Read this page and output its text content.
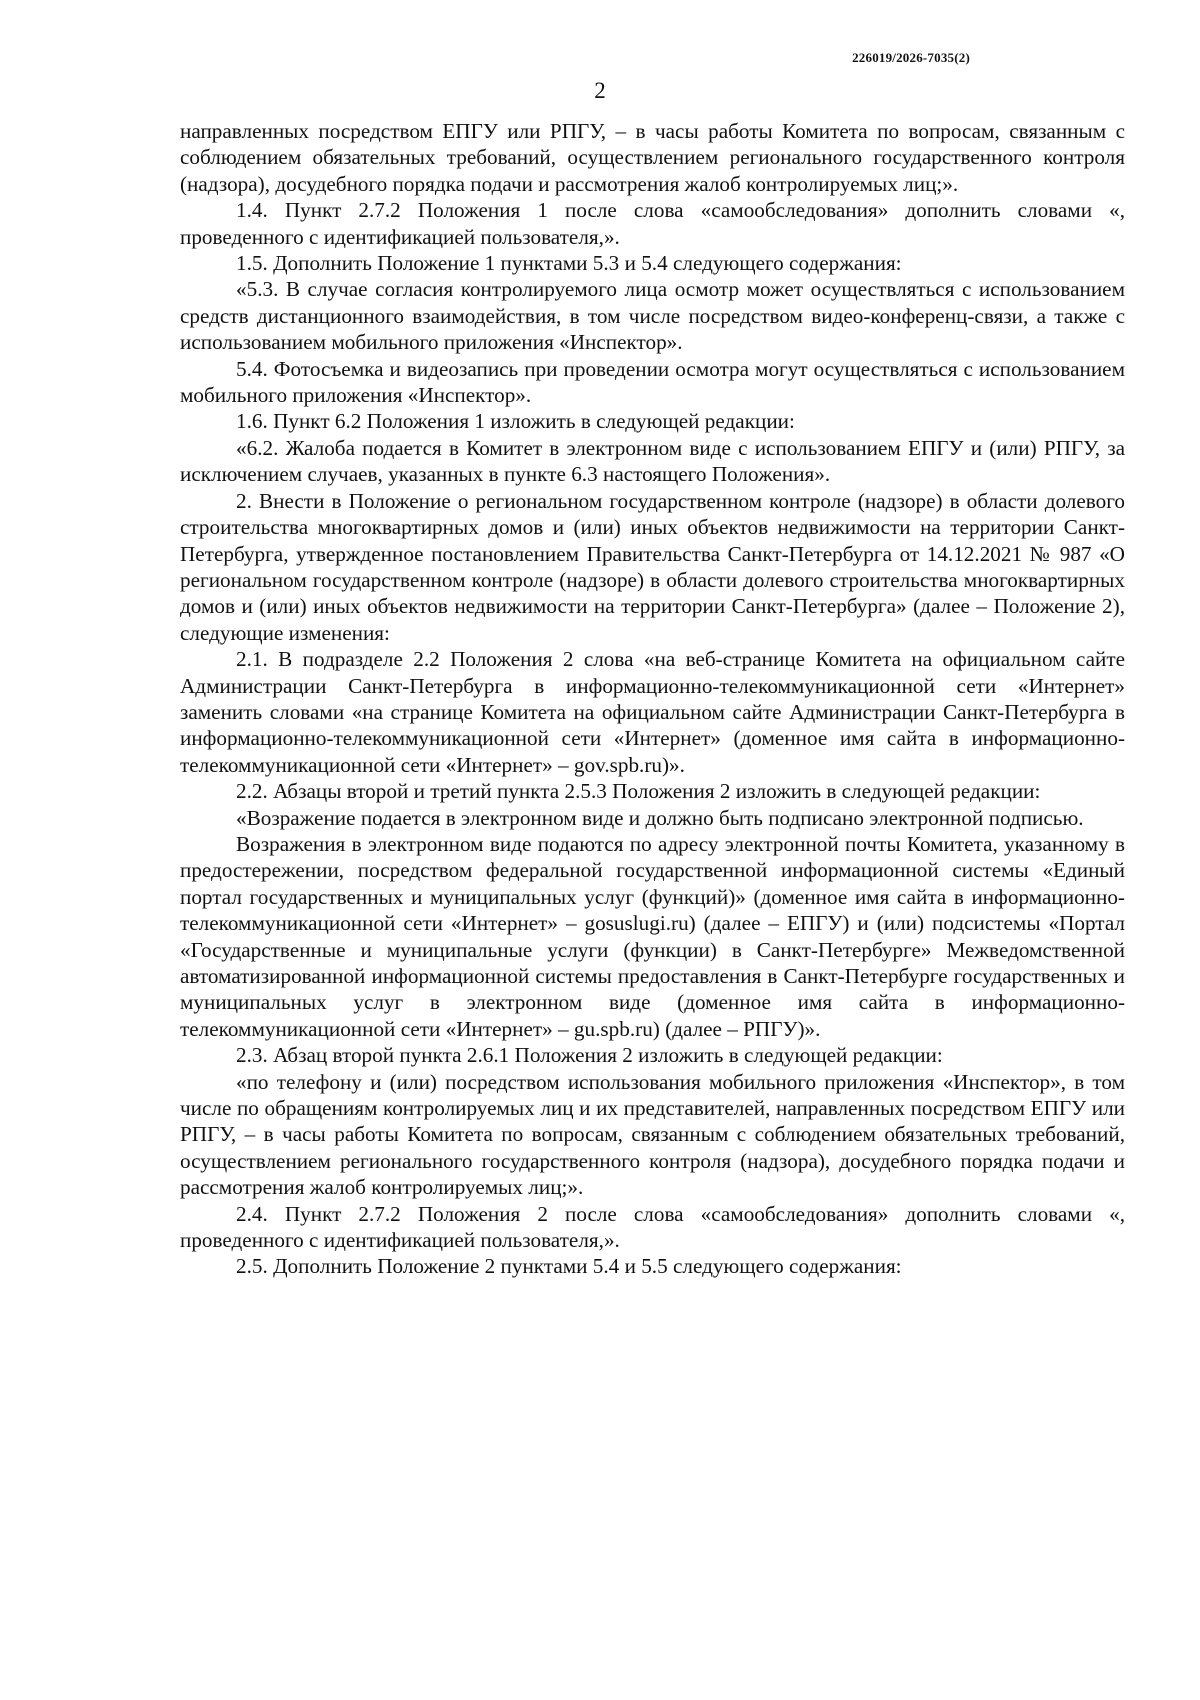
226019/2026-7035(2)
2

направленных посредством ЕПГУ или РПГУ, – в часы работы Комитета по вопросам, связанным с соблюдением обязательных требований, осуществлением регионального государственного контроля (надзора), досудебного порядка подачи и рассмотрения жалоб контролируемых лиц;».

1.4. Пункт 2.7.2 Положения 1 после слова «самообследования» дополнить словами «, проведенного с идентификацией пользователя,».

1.5. Дополнить Положение 1 пунктами 5.3 и 5.4 следующего содержания:

«5.3. В случае согласия контролируемого лица осмотр может осуществляться с использованием средств дистанционного взаимодействия, в том числе посредством видео-конференц-связи, а также с использованием мобильного приложения «Инспектор».

5.4. Фотосъемка и видеозапись при проведении осмотра могут осуществляться с использованием мобильного приложения «Инспектор».

1.6. Пункт 6.2 Положения 1 изложить в следующей редакции:

«6.2. Жалоба подается в Комитет в электронном виде с использованием ЕПГУ и (или) РПГУ, за исключением случаев, указанных в пункте 6.3 настоящего Положения».

2. Внести в Положение о региональном государственном контроле (надзоре) в области долевого строительства многоквартирных домов и (или) иных объектов недвижимости на территории Санкт-Петербурга, утвержденное постановлением Правительства Санкт-Петербурга от 14.12.2021 № 987 «О региональном государственном контроле (надзоре) в области долевого строительства многоквартирных домов и (или) иных объектов недвижимости на территории Санкт-Петербурга» (далее – Положение 2), следующие изменения:

2.1. В подразделе 2.2 Положения 2 слова «на веб-странице Комитета на официальном сайте Администрации Санкт-Петербурга в информационно-телекоммуникационной сети «Интернет» заменить словами «на странице Комитета на официальном сайте Администрации Санкт-Петербурга в информационно-телекоммуникационной сети «Интернет» (доменное имя сайта в информационно-телекоммуникационной сети «Интернет» – gov.spb.ru)».

2.2. Абзацы второй и третий пункта 2.5.3 Положения 2 изложить в следующей редакции:

«Возражение подается в электронном виде и должно быть подписано электронной подписью.

Возражения в электронном виде подаются по адресу электронной почты Комитета, указанному в предостережении, посредством федеральной государственной информационной системы «Единый портал государственных и муниципальных услуг (функций)» (доменное имя сайта в информационно-телекоммуникационной сети «Интернет» – gosuslugi.ru) (далее – ЕПГУ) и (или) подсистемы «Портал «Государственные и муниципальные услуги (функции) в Санкт-Петербурге» Межведомственной автоматизированной информационной системы предоставления в Санкт-Петербурге государственных и муниципальных услуг в электронном виде (доменное имя сайта в информационно-телекоммуникационной сети «Интернет» – gu.spb.ru) (далее – РПГУ)».

2.3. Абзац второй пункта 2.6.1 Положения 2 изложить в следующей редакции:

«по телефону и (или) посредством использования мобильного приложения «Инспектор», в том числе по обращениям контролируемых лиц и их представителей, направленных посредством ЕПГУ или РПГУ, – в часы работы Комитета по вопросам, связанным с соблюдением обязательных требований, осуществлением регионального государственного контроля (надзора), досудебного порядка подачи и рассмотрения жалоб контролируемых лиц;».

2.4. Пункт 2.7.2 Положения 2 после слова «самообследования» дополнить словами «, проведенного с идентификацией пользователя,».

2.5. Дополнить Положение 2 пунктами 5.4 и 5.5 следующего содержания:
